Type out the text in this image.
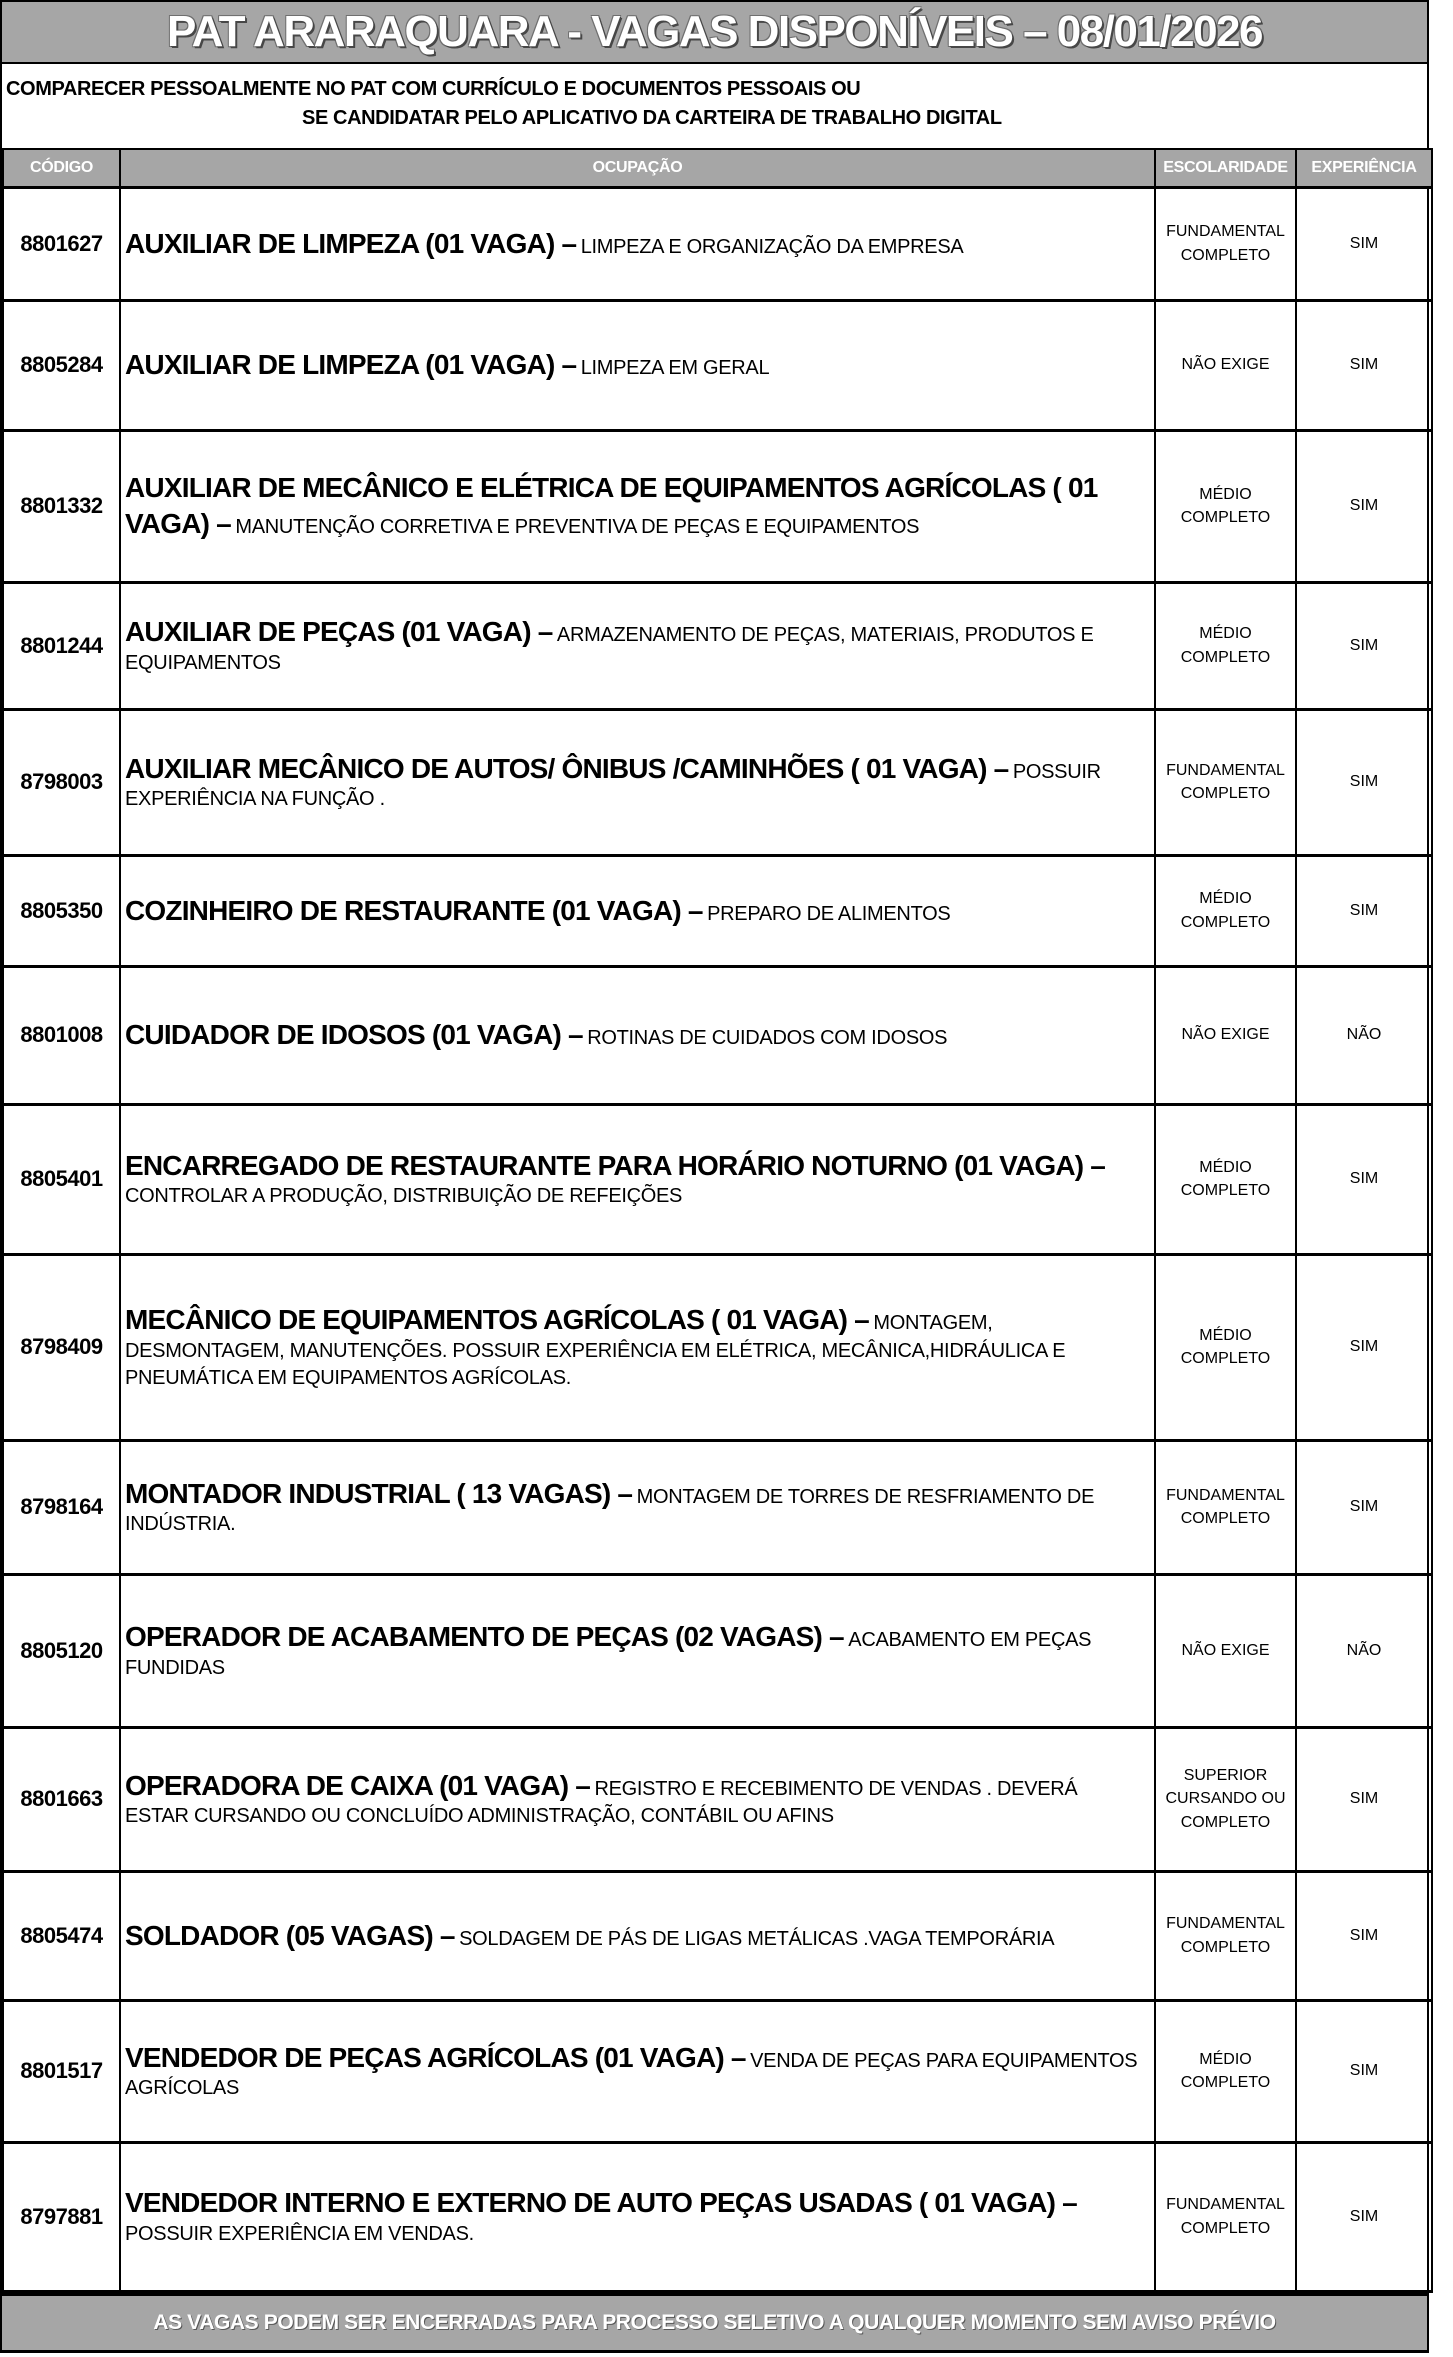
PAT ARARAQUARA - VAGAS DISPONÍVEIS – 08/01/2026
COMPARECER PESSOALMENTE NO PAT COM CURRÍCULO E DOCUMENTOS PESSOAIS OU
SE CANDIDATAR PELO APLICATIVO DA CARTEIRA DE TRABALHO DIGITAL
CÓDIGO	OCUPAÇÃO	ESCOLARIDADE	EXPERIÊNCIA
8801627	AUXILIAR DE LIMPEZA (01 VAGA) – LIMPEZA E ORGANIZAÇÃO DA EMPRESA	FUNDAMENTAL COMPLETO	SIM
8805284	AUXILIAR DE LIMPEZA (01 VAGA) – LIMPEZA EM GERAL	NÃO EXIGE	SIM
8801332	AUXILIAR DE MECÂNICO E ELÉTRICA DE EQUIPAMENTOS AGRÍCOLAS ( 01 VAGA) – MANUTENÇÃO CORRETIVA E PREVENTIVA DE PEÇAS E EQUIPAMENTOS	MÉDIO COMPLETO	SIM
8801244	AUXILIAR DE PEÇAS (01 VAGA) – ARMAZENAMENTO DE PEÇAS, MATERIAIS, PRODUTOS E EQUIPAMENTOS	MÉDIO COMPLETO	SIM
8798003	AUXILIAR MECÂNICO DE AUTOS/ ÔNIBUS /CAMINHÕES ( 01 VAGA) – POSSUIR EXPERIÊNCIA NA FUNÇÃO .	FUNDAMENTAL COMPLETO	SIM
8805350	COZINHEIRO DE RESTAURANTE (01 VAGA) – PREPARO DE ALIMENTOS	MÉDIO COMPLETO	SIM
8801008	CUIDADOR DE IDOSOS (01 VAGA) – ROTINAS DE CUIDADOS COM IDOSOS	NÃO EXIGE	NÃO
8805401	ENCARREGADO DE RESTAURANTE PARA HORÁRIO NOTURNO (01 VAGA) – CONTROLAR A PRODUÇÃO, DISTRIBUIÇÃO DE REFEIÇÕES	MÉDIO COMPLETO	SIM
8798409	MECÂNICO DE EQUIPAMENTOS AGRÍCOLAS ( 01 VAGA) – MONTAGEM, DESMONTAGEM, MANUTENÇÕES. POSSUIR EXPERIÊNCIA EM ELÉTRICA, MECÂNICA,HIDRÁULICA E PNEUMÁTICA EM EQUIPAMENTOS AGRÍCOLAS.	MÉDIO COMPLETO	SIM
8798164	MONTADOR INDUSTRIAL ( 13 VAGAS) – MONTAGEM DE TORRES DE RESFRIAMENTO DE INDÚSTRIA.	FUNDAMENTAL COMPLETO	SIM
8805120	OPERADOR DE ACABAMENTO DE PEÇAS (02 VAGAS) – ACABAMENTO EM PEÇAS FUNDIDAS	NÃO EXIGE	NÃO
8801663	OPERADORA DE CAIXA (01 VAGA) – REGISTRO E RECEBIMENTO DE VENDAS . DEVERÁ ESTAR CURSANDO OU CONCLUÍDO ADMINISTRAÇÃO, CONTÁBIL OU AFINS	SUPERIOR CURSANDO OU COMPLETO	SIM
8805474	SOLDADOR (05 VAGAS) – SOLDAGEM DE PÁS DE LIGAS METÁLICAS .VAGA TEMPORÁRIA	FUNDAMENTAL COMPLETO	SIM
8801517	VENDEDOR DE PEÇAS AGRÍCOLAS (01 VAGA) – VENDA DE PEÇAS PARA EQUIPAMENTOS AGRÍCOLAS	MÉDIO COMPLETO	SIM
8797881	VENDEDOR INTERNO E EXTERNO DE AUTO PEÇAS USADAS ( 01 VAGA) – POSSUIR EXPERIÊNCIA EM VENDAS.	FUNDAMENTAL COMPLETO	SIM
AS VAGAS PODEM SER ENCERRADAS PARA PROCESSO SELETIVO A QUALQUER MOMENTO SEM AVISO PRÉVIO
